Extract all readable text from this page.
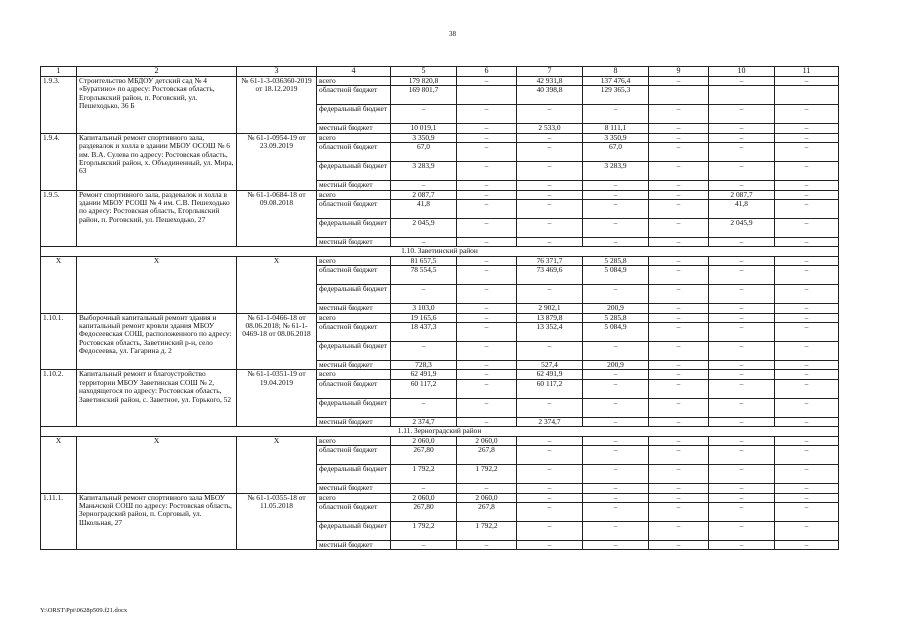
38
1	2	3	4	5	6	7	8	9	10	11
1.9.3.	Строительство МБДОУ детский сад № 4 «Буратино» по адресу: Ростовская область, Егорлыкский район, п. Роговский, ул. Пешеходько, 36 Б	№ 61-1-3-036360-2019 от 18.12.2019	всего	179 820,8	–	42 931,8	137 476,4	–	–	–
			областной бюджет	169 801,7		40 398,8	129 365,3			
			федеральный бюджет	–	–	–	–	–	–	–
			местный бюджет	10 019,1	–	2 533,0	8 111,1	–	–	–
1.9.4.	Капитальный ремонт спортивного зала, раздевалок и холла в здании МБОУ ОСОШ № 6 им. В.А. Сулева по адресу: Ростовская область, Егорлыкский район, х. Объединенный, ул. Мира, 63	№ 61-1-0954-19 от 23.09.2019	всего	3 350,9	–	–	3 350,9	–	–	–
			областной бюджет	67,0	–	–	67,0	–	–	–
			федеральный бюджет	3 283,9	–	–	3 283,9	–	–	–
			местный бюджет	–	–	–	–	–	–	–
1.9.5.	Ремонт спортивного зала, раздевалок и холла в здании МБОУ РСОШ № 4 им. С.В. Пешеходько по адресу: Ростовская область, Егорлыкский район, п. Роговский, ул. Пешеходько, 27	№ 61-1-0684-18 от 09.08.2018	всего	2 087,7	–	–	–	–	2 087,7	–
			областной бюджет	41,8	–	–	–	–	41,8	–
			федеральный бюджет	2 045,9	–	–	–	–	2 045,9	–
			местный бюджет	–	–	–	–	–	–	–
1.10. Заветинский район										
X	X	X	всего	81 657,5	–	76 371,7	5 285,8	–	–	–
			областной бюджет	78 554,5	–	73 469,6	5 084,9	–	–	–
			федеральный бюджет	–	–	–	–	–	–	–
			местный бюджет	3 103,0	–	2 902,1	200,9	–	–	–
1.10.1.	Выборочный капитальный ремонт здания и капитальный ремонт кровли здания МБОУ Федосеевская СОШ, расположенного по адресу: Ростовская область, Заветинский р-н, село Федосеевка, ул. Гагарина д. 2	№ 61-1-0466-18 от 08.06.2018; № 61-1-0469-18 от 08.06.2018	всего	19 165,6	–	13 879,8	5 285,8	–	–	–
			областной бюджет	18 437,3	–	13 352,4	5 084,9	–	–	–
			федеральный бюджет	–	–	–	–	–	–	–
			местный бюджет	728,3	–	527,4	200,9	–	–	–
1.10.2.	Капитальный ремонт и благоустройство территории МБОУ Заветинская СОШ № 2, находящегося по адресу: Ростовская область, Заветинский район, с. Заветное, ул. Горького, 52	№ 61-1-0351-19 от 19.04.2019	всего	62 491,9	–	62 491,9	–	–	–	–
			областной бюджет	60 117,2	–	60 117,2	–	–	–	–
			федеральный бюджет	–	–	–	–	–	–	–
			местный бюджет	2 374,7	–	2 374,7	–	–	–	–
1.11. Зерноградский район										
X	X	X	всего	2 060,0	2 060,0	–	–	–	–	–
			областной бюджет	267,80	267,8	–	–	–	–	–
			федеральный бюджет	1 792,2	1 792,2	–	–	–	–	–
			местный бюджет	–	–	–	–	–	–	–
1.11.1.	Капитальный ремонт спортивного зала МБОУ Маньчской СОШ по адресу: Ростовская область, Зерноградский район, п. Сорговый, ул. Школьная, 27	№ 61-1-0355-18 от 11.05.2018	всего	2 060,0	2 060,0	–	–	–	–	–
			областной бюджет	267,80	267,8	–	–	–	–	–
			федеральный бюджет	1 792,2	1 792,2	–	–	–	–	–
			местный бюджет	–	–	–	–	–	–	–
Y:\ORST\Ppi\0628p509.f21.docx
